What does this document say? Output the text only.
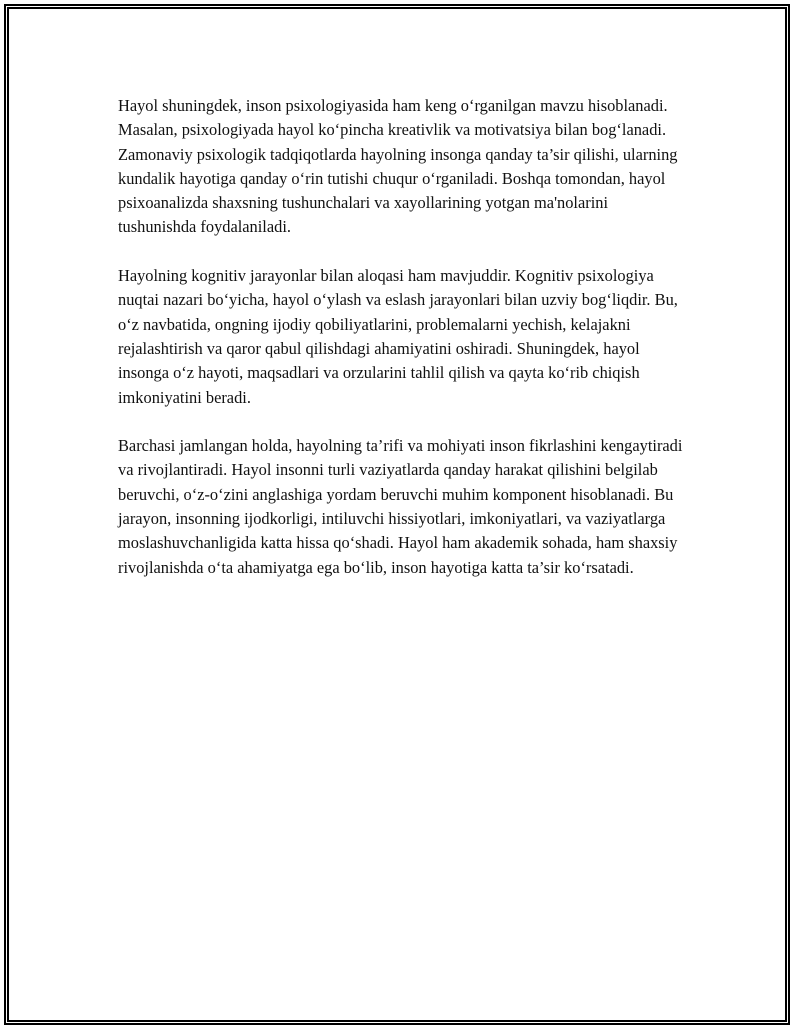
Hayol shuningdek, inson psixologiyasida ham keng o‘rganilgan mavzu hisoblanadi. Masalan, psixologiyada hayol ko‘pincha kreativlik va motivatsiya bilan bog‘lanadi. Zamonaviy psixologik tadqiqotlarda hayolning insonga qanday ta’sir qilishi, ularning kundalik hayotiga qanday o‘rin tutishi chuqur o‘rganiladi. Boshqa tomondan, hayol psixoanalizda shaxsning tushunchalari va xayollarining yotgan ma'nolarini tushunishda foydalaniladi.

Hayolning kognitiv jarayonlar bilan aloqasi ham mavjuddir. Kognitiv psixologiya nuqtai nazari bo‘yicha, hayol o‘ylash va eslash jarayonlari bilan uzviy bog‘liqdir. Bu, o‘z navbatida, ongning ijodiy qobiliyatlarini, problemalarni yechish, kelajakni rejalashtirish va qaror qabul qilishdagi ahamiyatini oshiradi. Shuningdek, hayol insonga o‘z hayoti, maqsadlari va orzularini tahlil qilish va qayta ko‘rib chiqish imkoniyatini beradi.

Barchasi jamlangan holda, hayolning ta’rifi va mohiyati inson fikrlashini kengaytiradi va rivojlantiradi. Hayol insonni turli vaziyatlarda qanday harakat qilishini belgilab beruvchi, o‘z-o‘zini anglashiga yordam beruvchi muhim komponent hisoblanadi. Bu jarayon, insonning ijodkorligi, intiluvchi hissiyotlari, imkoniyatlari, va vaziyatlarga moslashuvchanligida katta hissa qo‘shadi. Hayol ham akademik sohada, ham shaxsiy rivojlanishda o‘ta ahamiyatga ega bo‘lib, inson hayotiga katta ta’sir ko‘rsatadi.
